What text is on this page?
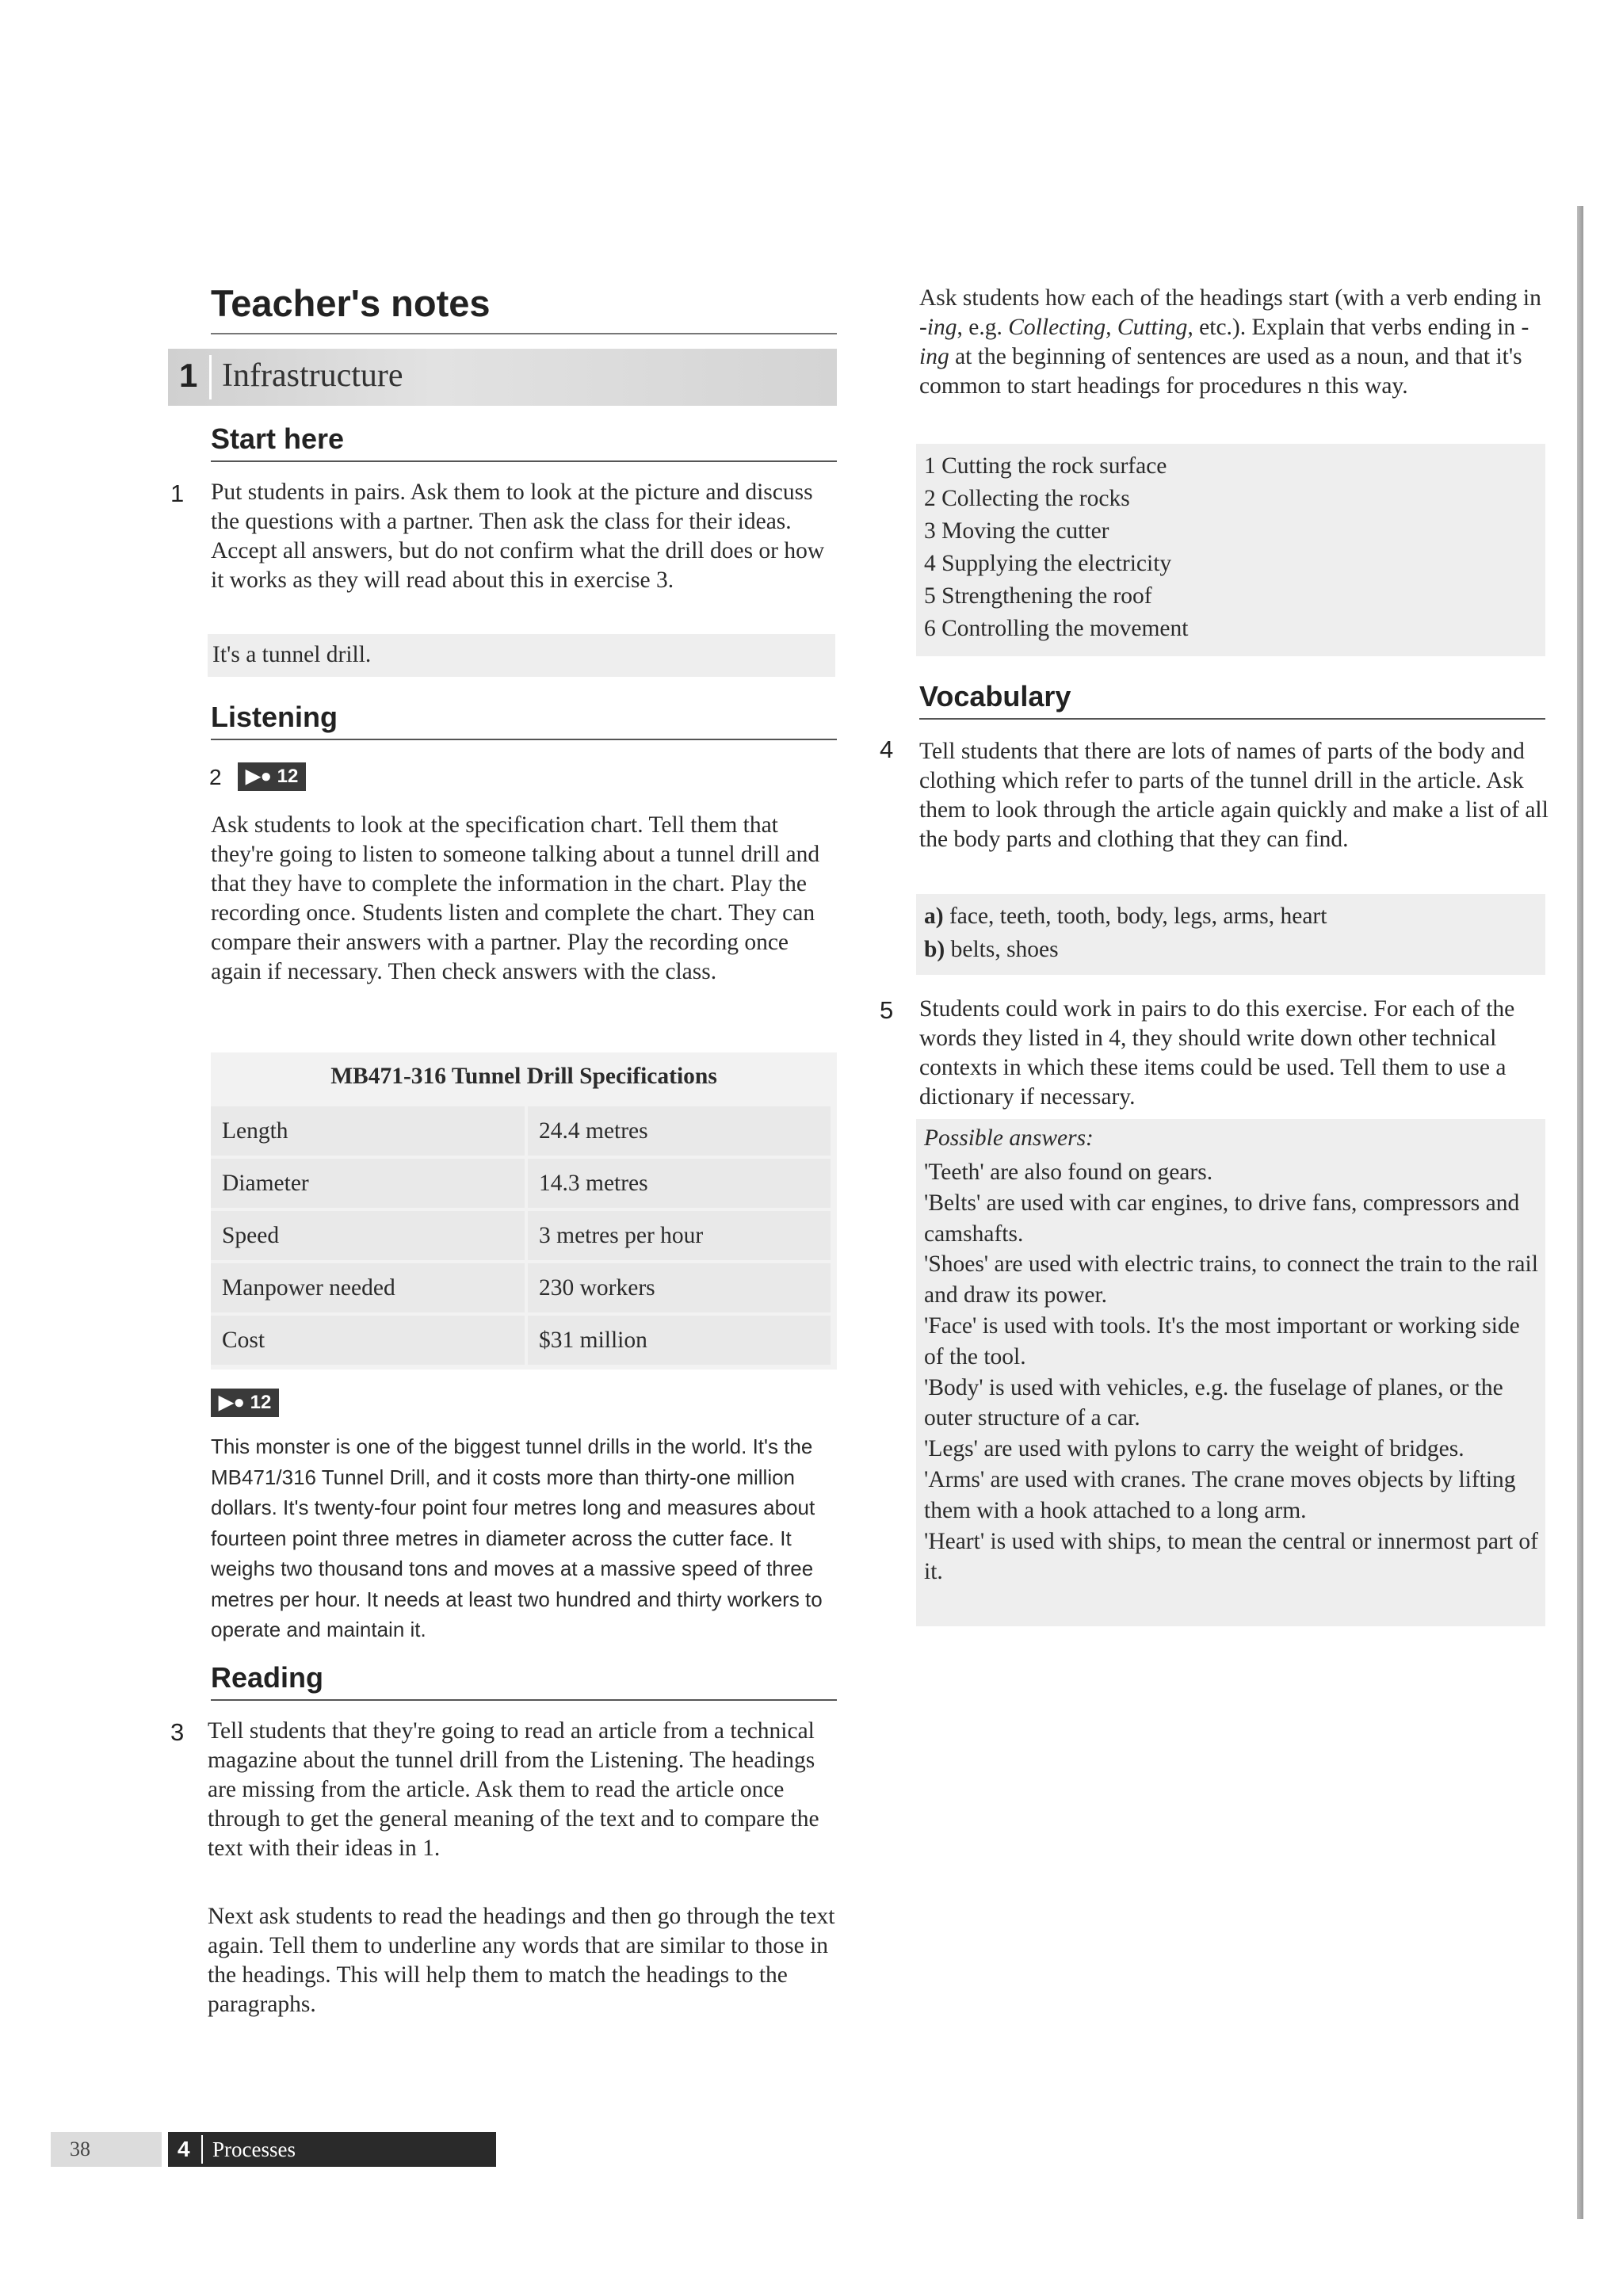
Teacher's notes
1 Infrastructure
Start here
1 Put students in pairs. Ask them to look at the picture and discuss the questions with a partner. Then ask the class for their ideas. Accept all answers, but do not confirm what the drill does or how it works as they will read about this in exercise 3.
It's a tunnel drill.
Listening
2	▶● 12
Ask students to look at the specification chart. Tell them that they're going to listen to someone talking about a tunnel drill and that they have to complete the information in the chart. Play the recording once. Students listen and complete the chart. They can compare their answers with a partner. Play the recording once again if necessary. Then check answers with the class.
MB471-316 Tunnel Drill Specifications
Length	24.4 metres
Diameter	14.3 metres
Speed	3 metres per hour
Manpower needed	230 workers
Cost	$31 million
▶● 12
This monster is one of the biggest tunnel drills in the world. It's the MB471/316 Tunnel Drill, and it costs more than thirty-one million dollars. It's twenty-four point four metres long and measures about fourteen point three metres in diameter across the cutter face. It weighs two thousand tons and moves at a massive speed of three metres per hour. It needs at least two hundred and thirty workers to operate and maintain it.
Reading
3 Tell students that they're going to read an article from a technical magazine about the tunnel drill from the Listening. The headings are missing from the article. Ask them to read the article once through to get the general meaning of the text and to compare the text with their ideas in 1.
Next ask students to read the headings and then go through the text again. Tell them to underline any words that are similar to those in the headings. This will help them to match the headings to the paragraphs.
Ask students how each of the headings start (with a verb ending in -ing, e.g. Collecting, Cutting, etc.). Explain that verbs ending in -ing at the beginning of sentences are used as a noun, and that it's common to start headings for procedures n this way.
1 Cutting the rock surface
2 Collecting the rocks
3 Moving the cutter
4 Supplying the electricity
5 Strengthening the roof
6 Controlling the movement
Vocabulary
4 Tell students that there are lots of names of parts of the body and clothing which refer to parts of the tunnel drill in the article. Ask them to look through the article again quickly and make a list of all the body parts and clothing that they can find.
a) face, teeth, tooth, body, legs, arms, heart
b) belts, shoes
5 Students could work in pairs to do this exercise. For each of the words they listed in 4, they should write down other technical contexts in which these items could be used. Tell them to use a dictionary if necessary.
Possible answers:
'Teeth' are also found on gears.
'Belts' are used with car engines, to drive fans, compressors and camshafts.
'Shoes' are used with electric trains, to connect the train to the rail and draw its power.
'Face' is used with tools. It's the most important or working side of the tool.
'Body' is used with vehicles, e.g. the fuselage of planes, or the outer structure of a car.
'Legs' are used with pylons to carry the weight of bridges.
'Arms' are used with cranes. The crane moves objects by lifting them with a hook attached to a long arm.
'Heart' is used with ships, to mean the central or innermost part of it.
38	4 Processes
